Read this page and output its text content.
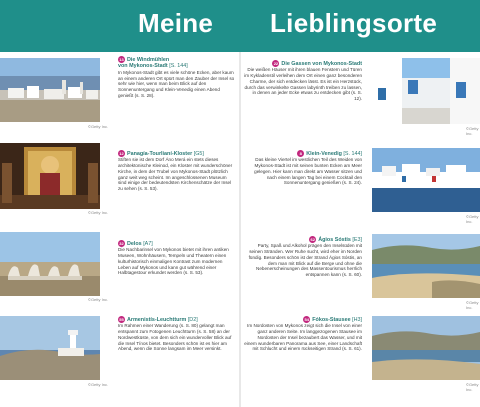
Meine Lieblingsorte
©Getty Inc.
13 Die Windmühlen
von Mykonos-Stadt [S. 144]
In Mykonos-Stadt gibt es viele schöne Ecken, aber kaum an einem anderen Ort spürt man den Zauber der Insel so sehr wie hier, wenn man beim Blick auf den Sonnenuntergang und Klein-Venedig einen Abend genießt (s. S. 28).
©Getty Inc.
12 Panagía-Tourlianí-Kloster [G5]
Stiften sie ist dem Dorf Áno Merá ein stets dieses architektonische Kleinod, ein Kloster mit wunderschöner Kirche, in dem der Trubel von Mykonos-Stadt plötzlich ganz weit weg scheint. Im angeschlossenen Museum sind einige der bedeutendsten Kirchenschätze der Insel zu sehen (s. S. 53).
©Getty Inc.
32 Delos [A7]
Die Nachbarinsel von Mykonos bietet mit ihren antiken Museen, Wohnhäusern, Tempeln und Theatern einen kulturhistorisch einmaligen Kontrast zum modernen Leben auf Mykonos und kann gut während einer Halbtagestour erkundet werden (s. S. 53).
©Getty Inc.
55 Armenistís-Leuchtturm [D2]
Im Rahmen einer Wanderung (s. S. 80) gelangt man entspannt zum Fotogenen Leuchtturm (s. S. 58) an der Nordwestküste, von dem sich ein wundervoller Blick auf die Insel Tínos bietet. Besonders schön ist es hier am Abend, wenn die Sonne langsam im Meer versinkt.
22 Die Gassen von Mykonos-Stadt
Die weißen Häuser mit ihren blauen Fenstern und Türen im Kykladenstil verleihen dem Ort einen ganz besonderen Charme, der sich entdecken lässt. Es ist ein Herzstück, durch das verwinkelte Gassen labyrinth treiben zu lassen, in denen an jeder Ecke etwas zu entdecken gibt (s. S. 12).
©Getty Inc.
8 Klein-Venedig [S. 144]
Das kleine Viertel im westlichen Teil des Weiden von Mykonos-Stadt ist mit seinen bunten Ecken am Meer gelegen. Hier kann man direkt am Wasser sitzen und nach einem langen Tag bei einem Cocktail den Sonnenuntergang genießen (s. S. 24).
©Getty Inc.
62 Ágios Sóstis [E3]
Party, Spaß und Alkohol prägen den Inselsüden mit seinen Stränden. Wer Ruhe sucht, wird eher im Norden fündig. Besonders schön ist der Strand Ágios Sóstis, an dem man mit Blick auf die Berge und ohne die Nebenerscheinungen des Massentourismus herrlich entspannen kann (s. S. 60).
©Getty Inc.
54 Fókos-Stausee [H3]
Im Nordosten von Mykonos zeigt sich die Insel von einer ganz anderen Seite. Im langgezogenen Stausee im Nordosten der Insel bezaubert das Wasser, und mit einem wunderbaren Panorama aus See, einer Landschaft mit Schlucht und einem rückseitigen Strand (s. S. 61).
©Getty Inc.
